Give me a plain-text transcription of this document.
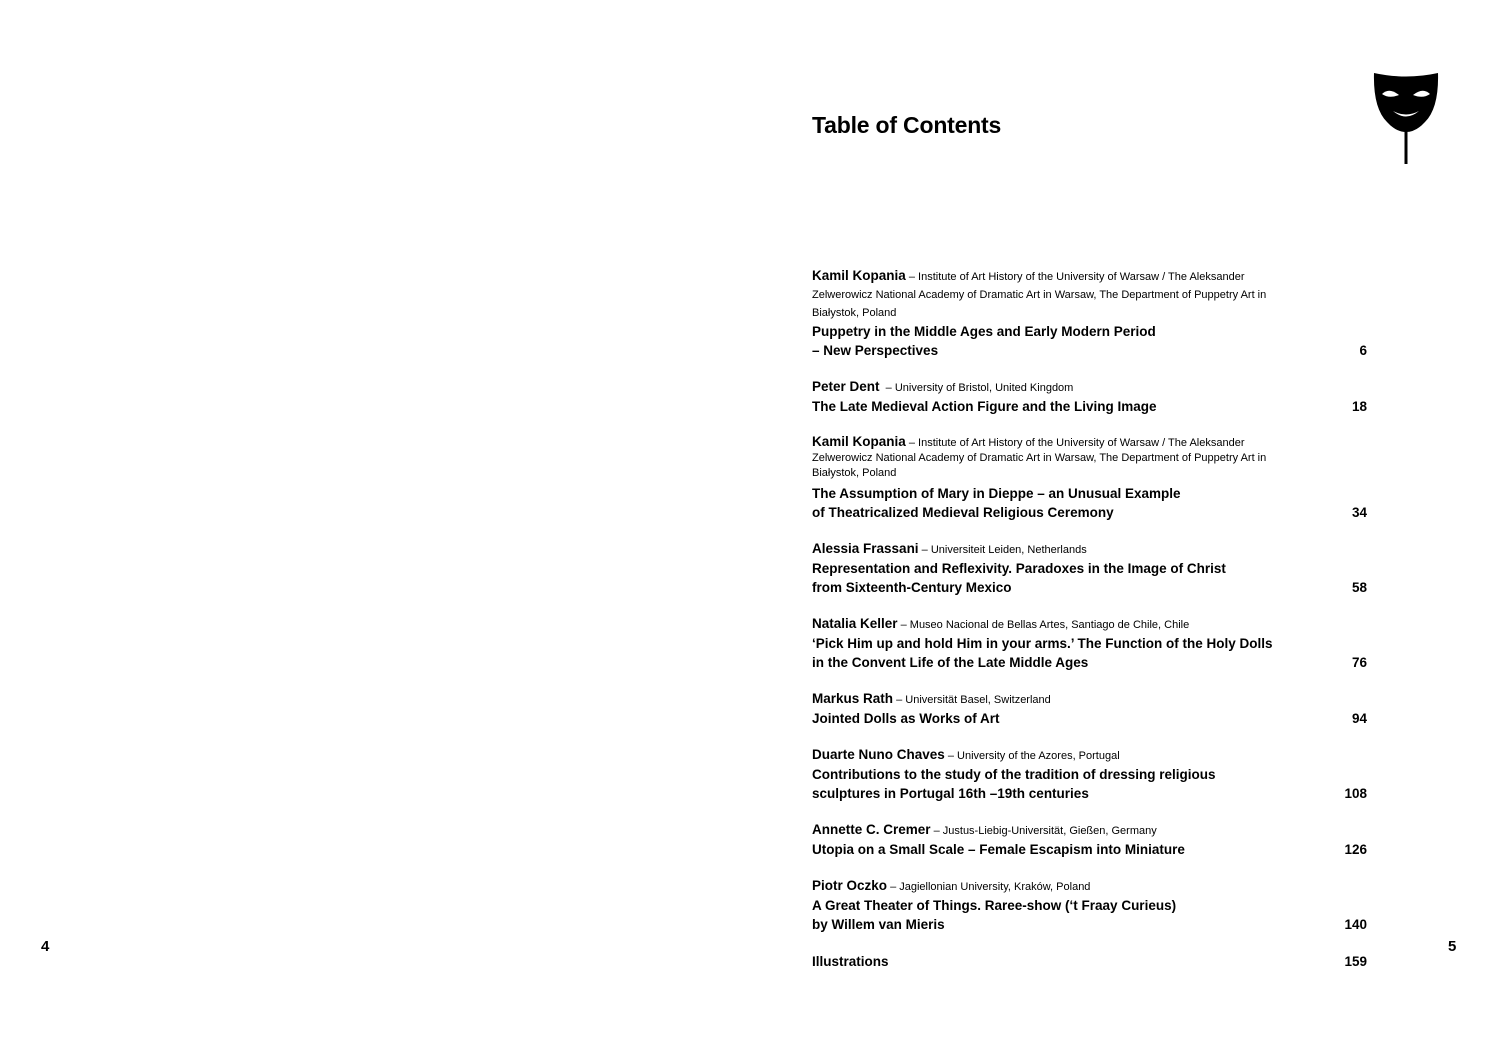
4	5
Table of Contents
Kamil Kopania – Institute of Art History of the University of Warsaw / The Aleksander Zelwerowicz National Academy of Dramatic Art in Warsaw, The Department of Puppetry Art in Białystok, Poland
Puppetry in the Middle Ages and Early Modern Period
– New Perspectives	6
Peter Dent  – University of Bristol, United Kingdom
The Late Medieval Action Figure and the Living Image	18
Kamil Kopania – Institute of Art History of the University of Warsaw / The Aleksander Zelwerowicz National Academy of Dramatic Art in Warsaw, The Department of Puppetry Art in Białystok, Poland
The Assumption of Mary in Dieppe – an Unusual Example
of Theatricalized Medieval Religious Ceremony	34
Alessia Frassani – Universiteit Leiden, Netherlands
Representation and Reflexivity. Paradoxes in the Image of Christ
from Sixteenth-Century Mexico	58
Natalia Keller – Museo Nacional de Bellas Artes, Santiago de Chile, Chile
‘Pick Him up and hold Him in your arms.’ The Function of the Holy Dolls
in the Convent Life of the Late Middle Ages	76
Markus Rath – Universität Basel, Switzerland
Jointed Dolls as Works of Art	94
Duarte Nuno Chaves – University of the Azores, Portugal
Contributions to the study of the tradition of dressing religious
sculptures in Portugal 16th –19th centuries	108
Annette C. Cremer – Justus-Liebig-Universität, Gießen, Germany
Utopia on a Small Scale – Female Escapism into Miniature	126
Piotr Oczko – Jagiellonian University, Kraków, Poland
A Great Theater of Things. Raree-show (‘t Fraay Curieus)
by Willem van Mieris	140
Illustrations	159
